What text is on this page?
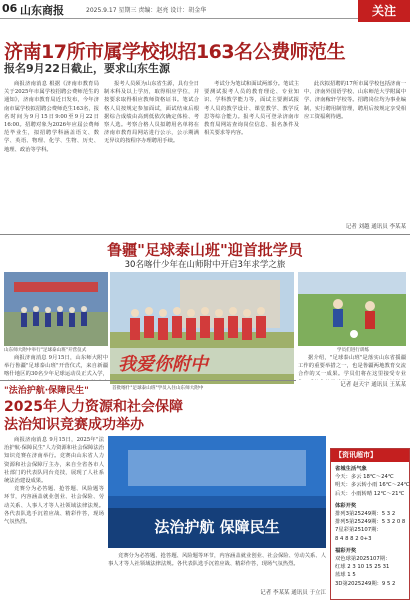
06 山东商报	2025.9.17 星期三 责编：赵亮 设计：胡金华	关注
济南17所市属学校拟招163名公费师范生
报名9月22日截止，要求山东生源

商报济南消息 根据《济南市教育局关于2025年市属学校招聘公费师范生的通知》，济南市教育局近日发布，今年济南市属学校拟招聘公费师范生163名，报名时间为9月15日9:00至9月22日16:00。招聘对象为2026年应届公费师范毕业生，拟招聘学科涵盖语文、数学、英语、物理、化学、生物、历史、地理、政治等学科。

报考人员须为山东省生源，具有全日制本科及以上学历，取得相应学位，并按要求取得相应教师资格证书。笔试合格人员按规定参加面试，面试结束后根据综合成绩由高到低依次确定体检、考察人选。考察合格人员拟聘用名单将在济南市教育局网站进行公示，公示期满无异议的按程序办理聘用手续。

考试分为笔试和面试两部分。笔试主要测试报考人员的教育理论、专业知识、学科教学能力等，面试主要测试报考人员的教学设计、课堂教学、教学反思等综合能力。报考人员可登录济南市教育局网站查询岗位信息、报名条件及相关要求等内容。

此次拟招聘的17所市属学校包括济南一中、济南外国语学校、山东师范大学附属中学、济南稼轩学校等。招聘岗位均为事业编制，实行聘用制管理，聘用后按规定享受相应工资福利待遇。

记者 刘越 通讯员 李某某
鲁疆"足球泰山班"迎首批学员
30名喀什少年在山师附中开启3年求学之旅
山东师大附中举行"足球泰山班"开营仪式
我爱你附中
首批喀什"足球泰山班"学员入住山东师大附中
学员们进行训练

商报济南消息 9月15日，山东师大附中举行鲁疆"足球泰山班"开营仪式，来自新疆喀什地区的30名少年足球运动员正式入学，

据介绍，"足球泰山班"是落实山东省援疆工作的重要举措之一，也是鲁疆两地教育交流合作的又一成果。学员们将在这里接受专业

记者 赵天宇 通讯员 王某某
"法治护航·保障民生"
2025年人力资源和社会保障
法治知识竞赛成功举办

商报济南消息 9月15日，2025年"法治护航·保障民生"人力资源和社会保障法治知识竞赛在济南举行。竞赛由山东省人力资源和社会保障厅主办，来自全省各市人社部门的代表队同台竞技，展现了人社系统法治建设成果。

竞赛分为必答题、抢答题、风险题等环节，内容涵盖就业创业、社会保险、劳动关系、人事人才等人社领域法律法规。各代表队选手沉着应战、精彩作答，现场气氛热烈。	法治护航 保障民生

竞赛分为必答题、抢答题、风险题等环节，内容涵盖就业创业、社会保险、劳动关系、人事人才等人社领域法律法规。各代表队选手沉着应战、精彩作答，现场气氛热烈。

记者 李某某 通讯员 于立江
【资讯超市】
省城生活气象
今天：多云 18℃～24℃
明天：多云转小雨 16℃～24℃
后天：小雨转晴 12℃～21℃
体彩开奖
排列3第25249期：5 3 2
排列5第25249期：5 3 2 0 8
7星彩第25107期：
8 4 8 8 2 0+3
福彩开奖
双色球第2025107期：
红球 2 3 10 15 25 31
蓝球 1 5
3D第2025249期：9 5 2
